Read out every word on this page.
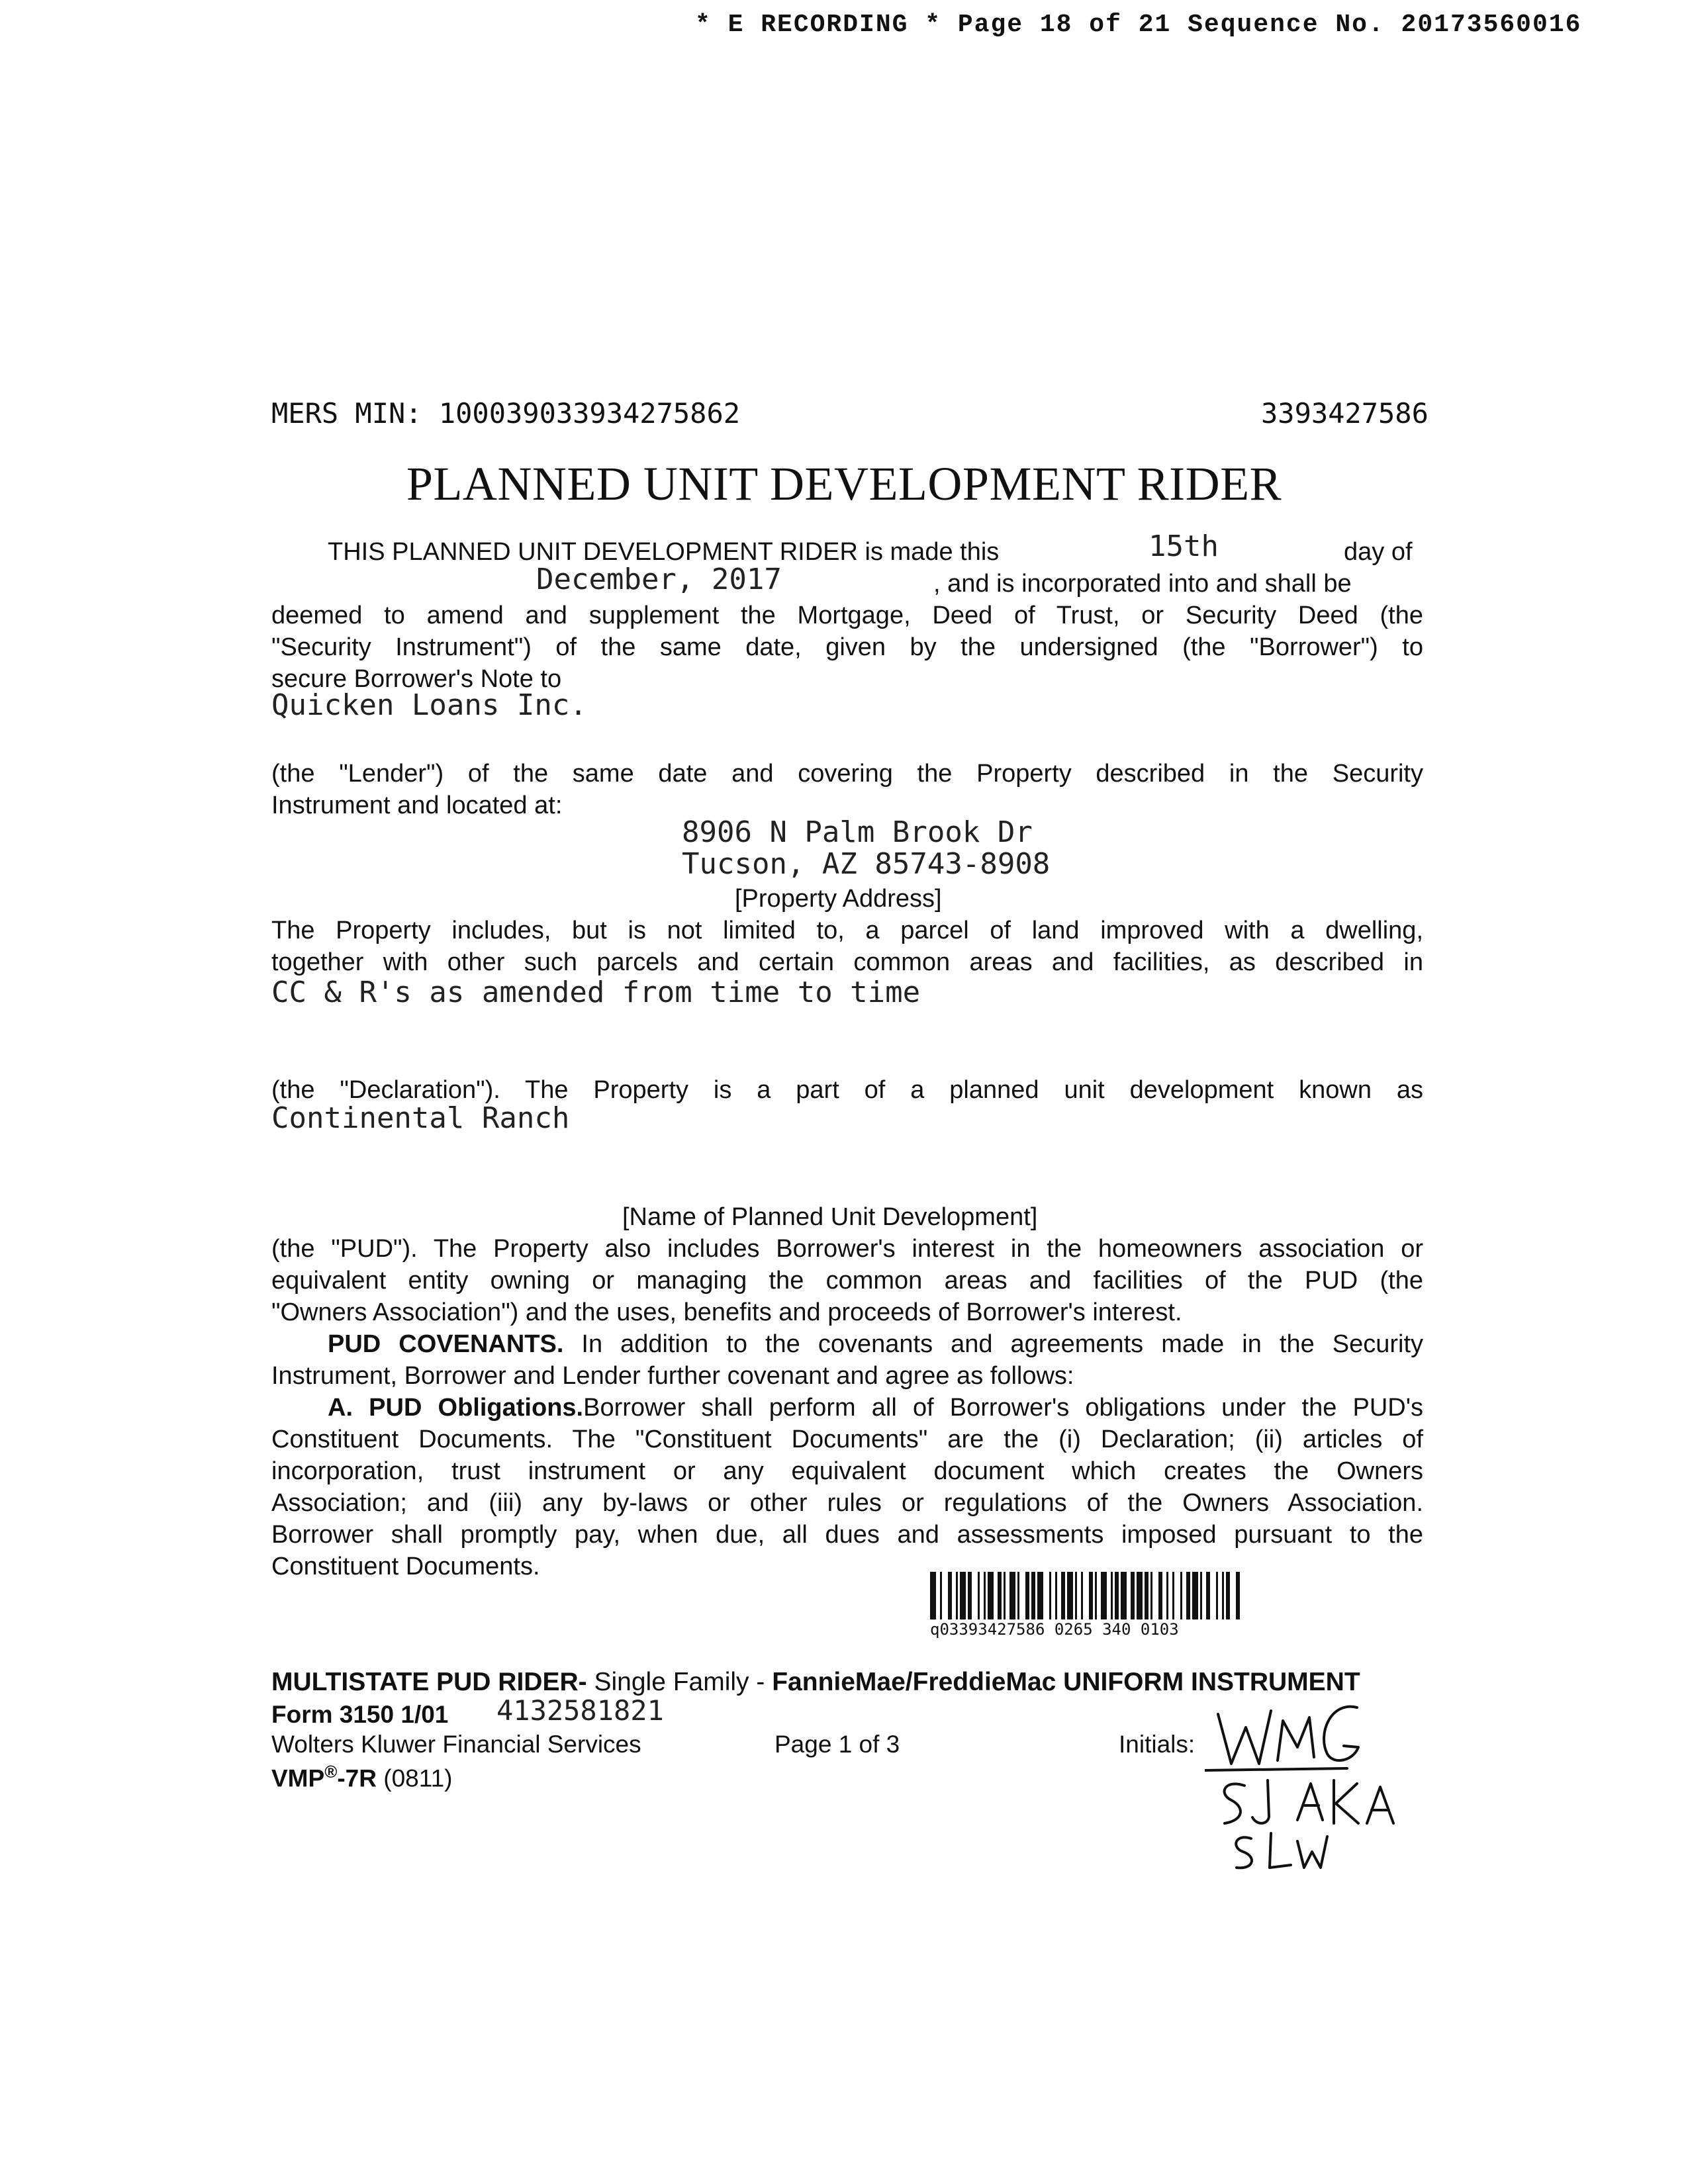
* E RECORDING * Page 18 of 21 Sequence No. 20173560016
MERS MIN: 100039033934275862	3393427586
PLANNED UNIT DEVELOPMENT RIDER
THIS PLANNED UNIT DEVELOPMENT RIDER is made this	15th	day of
December, 2017	, and is incorporated into and shall be
deemed to amend and supplement the Mortgage, Deed of Trust, or Security Deed (the
"Security Instrument") of the same date, given by the undersigned (the "Borrower") to
secure Borrower's Note to
Quicken Loans Inc.
(the "Lender") of the same date and covering the Property described in the Security
Instrument and located at:
8906 N Palm Brook Dr
Tucson, AZ 85743-8908
[Property Address]
The Property includes, but is not limited to, a parcel of land improved with a dwelling,
together with other such parcels and certain common areas and facilities, as described in
CC & R's as amended from time to time
(the "Declaration"). The Property is a part of a planned unit development known as
Continental Ranch
[Name of Planned Unit Development]
(the "PUD"). The Property also includes Borrower's interest in the homeowners association or
equivalent entity owning or managing the common areas and facilities of the PUD (the
"Owners Association") and the uses, benefits and proceeds of Borrower's interest.
PUD COVENANTS. In addition to the covenants and agreements made in the Security
Instrument, Borrower and Lender further covenant and agree as follows:
A. PUD Obligations.Borrower shall perform all of Borrower's obligations under the PUD's
Constituent Documents. The "Constituent Documents" are the (i) Declaration; (ii) articles of
incorporation, trust instrument or any equivalent document which creates the Owners
Association; and (iii) any by-laws or other rules or regulations of the Owners Association.
Borrower shall promptly pay, when due, all dues and assessments imposed pursuant to the
Constituent Documents.
q03393427586 0265 340 0103
MULTISTATE PUD RIDER- Single Family - FannieMae/FreddieMac UNIFORM INSTRUMENT
Form 3150 1/01 4132581821
Wolters Kluwer Financial Services
VMP®-7R (0811)
Page 1 of 3	Initials:
